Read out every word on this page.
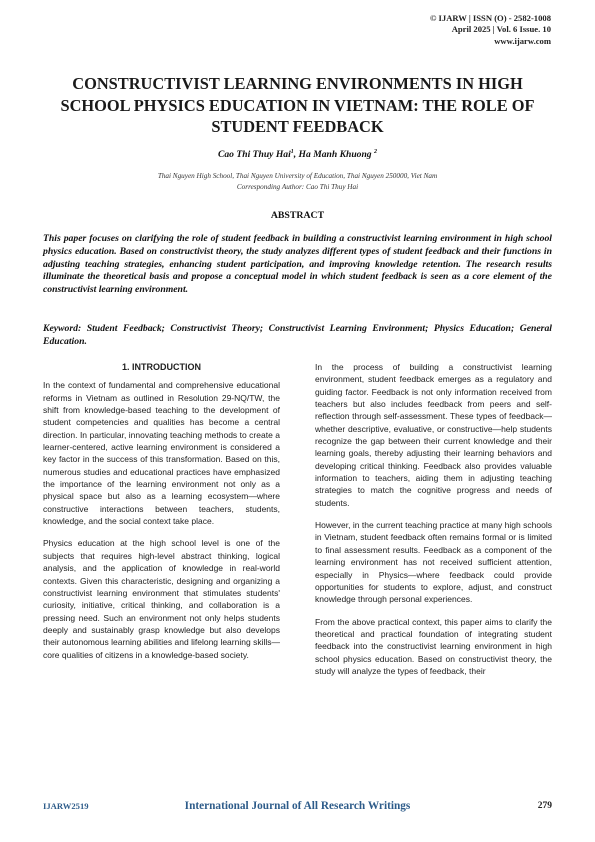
© IJARW | ISSN (O) - 2582-1008
April 2025 | Vol. 6 Issue. 10
www.ijarw.com
CONSTRUCTIVIST LEARNING ENVIRONMENTS IN HIGH SCHOOL PHYSICS EDUCATION IN VIETNAM: THE ROLE OF STUDENT FEEDBACK
Cao Thi Thuy Hai$^1$, Ha Manh Khuong $^2$
Thai Nguyen High School, Thai Nguyen University of Education, Thai Nguyen 250000, Viet Nam
Corresponding Author: Cao Thi Thuy Hai
ABSTRACT

This paper focuses on clarifying the role of student feedback in building a constructivist learning environment in high school physics education. Based on constructivist theory, the study analyzes different types of student feedback and their functions in adjusting teaching strategies, enhancing student participation, and improving knowledge retention. The research results illuminate the theoretical basis and propose a conceptual model in which student feedback is seen as a core element of the constructivist learning environment.

Keyword: Student Feedback; Constructivist Theory; Constructivist Learning Environment; Physics Education; General Education.

1. INTRODUCTION

In the context of fundamental and comprehensive educational reforms in Vietnam as outlined in Resolution 29-NQ/TW, the shift from knowledge-based teaching to the development of student competencies and qualities has become a central direction. In particular, innovating teaching methods to create a learner-centered, active learning environment is considered a key factor in the success of this transformation. Based on this, numerous studies and educational practices have emphasized the importance of the learning environment not only as a physical space but also as a learning ecosystem—where constructive interactions between teachers, students, knowledge, and the social context take place.

Physics education at the high school level is one of the subjects that requires high-level abstract thinking, logical analysis, and the application of knowledge in real-world contexts. Given this characteristic, designing and organizing a constructivist learning environment that stimulates students' curiosity, initiative, critical thinking, and collaboration is a pressing need. Such an environment not only helps students deeply and sustainably grasp knowledge but also develops their autonomous learning abilities and lifelong learning skills—core qualities of citizens in a knowledge-based society.

In the process of building a constructivist learning environment, student feedback emerges as a regulatory and guiding factor. Feedback is not only information received from teachers but also includes feedback from peers and self-reflection through self-assessment. These types of feedback—whether descriptive, evaluative, or constructive—help students recognize the gap between their current knowledge and their learning goals, thereby adjusting their learning behaviors and developing critical thinking. Feedback also provides valuable information to teachers, aiding them in adjusting teaching strategies to match the cognitive progress and needs of students.

However, in the current teaching practice at many high schools in Vietnam, student feedback often remains formal or is limited to final assessment results. Feedback as a component of the learning environment has not received sufficient attention, especially in Physics—where feedback could provide opportunities for students to explore, adjust, and construct knowledge through personal experiences.

From the above practical context, this paper aims to clarify the theoretical and practical foundation of integrating student feedback into the constructivist learning environment in high school physics education. Based on constructivist theory, the study will analyze the types of feedback, their

IJARW2519	International Journal of All Research Writings	279
